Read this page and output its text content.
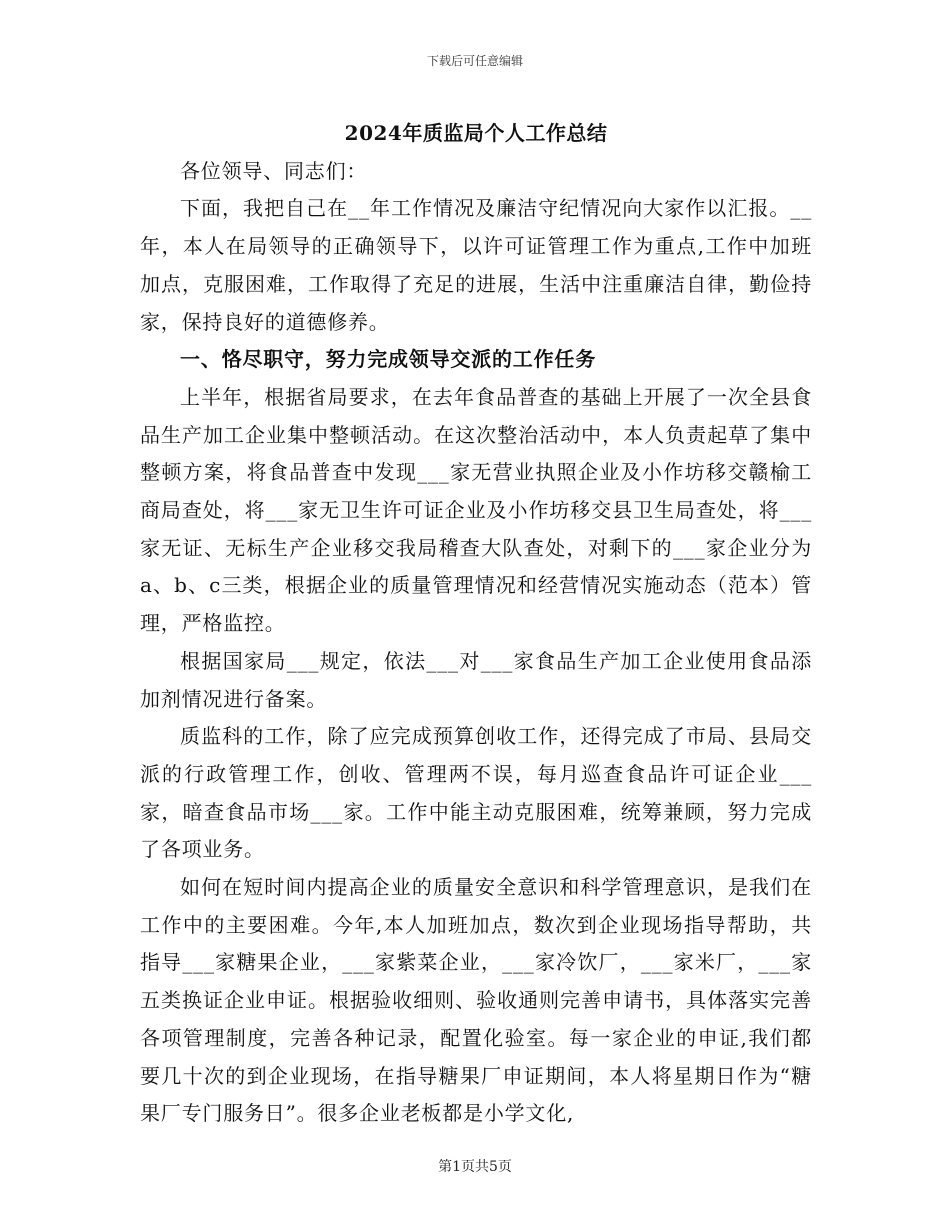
下载后可任意编辑

2024年质监局个人工作总结

各位领导、同志们：

下面，我把自己在__年工作情况及廉洁守纪情况向大家作以汇报。__年，本人在局领导的正确领导下，以许可证管理工作为重点,工作中加班加点，克服困难，工作取得了充足的进展，生活中注重廉洁自律，勤俭持家，保持良好的道德修养。

一、恪尽职守，努力完成领导交派的工作任务

上半年，根据省局要求，在去年食品普查的基础上开展了一次全县食品生产加工企业集中整顿活动。在这次整治活动中，本人负责起草了集中整顿方案，将食品普查中发现___家无营业执照企业及小作坊移交赣榆工商局查处，将___家无卫生许可证企业及小作坊移交县卫生局查处，将___家无证、无标生产企业移交我局稽查大队查处，对剩下的___家企业分为a、b、c三类，根据企业的质量管理情况和经营情况实施动态（范本）管理，严格监控。

根据国家局___规定，依法___对___家食品生产加工企业使用食品添加剂情况进行备案。

质监科的工作，除了应完成预算创收工作，还得完成了市局、县局交派的行政管理工作，创收、管理两不误，每月巡查食品许可证企业___家，暗查食品市场___家。工作中能主动克服困难，统筹兼顾，努力完成了各项业务。

如何在短时间内提高企业的质量安全意识和科学管理意识，是我们在工作中的主要困难。今年,本人加班加点，数次到企业现场指导帮助，共指导___家糖果企业，___家紫菜企业，___家冷饮厂，___家米厂，___家五类换证企业申证。根据验收细则、验收通则完善申请书，具体落实完善各项管理制度，完善各种记录，配置化验室。每一家企业的申证,我们都要几十次的到企业现场，在指导糖果厂申证期间，本人将星期日作为“糖果厂专门服务日”。很多企业老板都是小学文化,

第1页共5页
